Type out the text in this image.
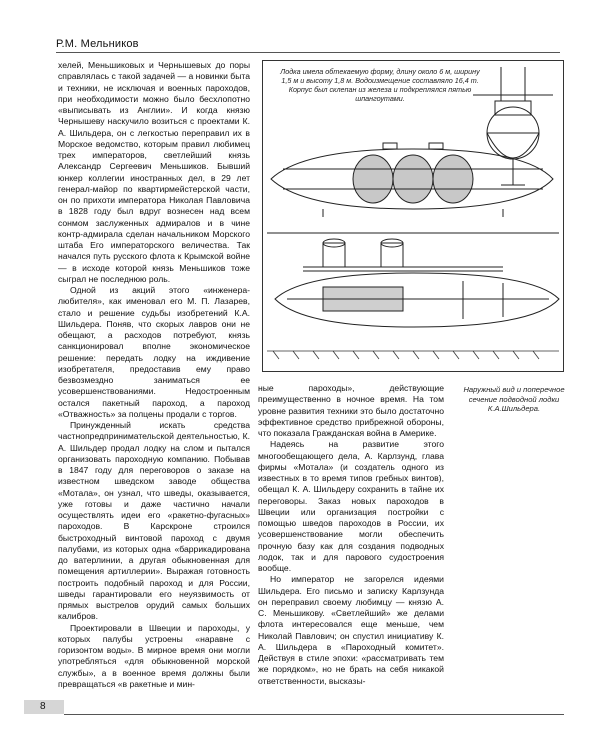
Р.М. Мельников

хелей, Меньшиковых и Чернышевых до поры справлялась с такой задачей — а новинки быта и техники, не исключая и военных пароходов, при необходимости можно было бесхлопотно «выписывать из Англии». И когда князю Чернышеву наскучило возиться с проектами К. А. Шильдера, он с легкостью переправил их в Морское ведомство, которым правил любимец трех императоров, светлейший князь Александр Сергеевич Меньшиков. Бывший юнкер коллегии иностранных дел, в 29 лет генерал-майор по квартирмейстерской части, он по прихоти императора Николая Павловича в 1828 году был вдруг вознесен над всем сонмом заслуженных адмиралов и в чине контр-адмирала сделан начальником Морского штаба Его императорского величества. Так начался путь русского флота к Крымской войне — в исходе которой князь Меньшиков тоже сыграл не последнюю роль.

Одной из акций этого «инженера-любителя», как именовал его М. П. Лазарев, стало и решение судьбы изобретений К.А. Шильдера. Поняв, что скорых лавров они не обещают, а расходов потребуют, князь санкционировал вполне экономическое решение: передать лодку на иждивение изобретателя, предоставив ему право безвозмездно заниматься ее усовершенствованиями. Недостроенным остался пакетный пароход, а пароход «Отважность» за полцены продали с торгов.

Принужденный искать средства частнопредпринимательской деятельностью, К. А. Шильдер продал лодку на слом и пытался организовать пароходную компанию. Побывав в 1847 году для переговоров о заказе на известном шведском заводе общества «Мотала», он узнал, что шведы, оказывается, уже готовы и даже частично начали осуществлять идеи его «ракетно-фугасных» пароходов. В Карскроне строился быстроходный винтовой пароход с двумя палубами, из которых одна «баррикадирована до ватерлинии, а другая обыкновенная для помещения артиллерии». Выражая готовность построить подобный пароход и для России, шведы гарантировали его неуязвимость от прямых выстрелов орудий самых больших калибров.

Проектировали в Швеции и пароходы, у которых палубы устроены «наравне с горизонтом воды». В мирное время они могли употребляться «для обыкновенной морской службы», а в военное время должны были превращаться «в ракетные и мин-

ные пароходы», действующие преимущественно в ночное время. На том уровне развития техники это было достаточно эффективное средство прибрежной обороны, что показала Гражданская война в Америке.

Надеясь на развитие этого многообещающего дела, А. Карлзунд, глава фирмы «Мотала» (и создатель одного из известных в то время типов гребных винтов), обещал К. А. Шильдеру сохранить в тайне их переговоры. Заказ новых пароходов в Швеции или организация постройки с помощью шведов пароходов в России, их усовершенствование могли обеспечить прочную базу как для создания подводных лодок, так и для парового судостроения вообще.

Но император не загорелся идеями Шильдера. Его письмо и записку Карлзунда он переправил своему любимцу — князю А. С. Меньшикову. «Светлейший» же делами флота интересовался еще меньше, чем Николай Павлович; он спустил инициативу К. А. Шильдера в «Пароходный комитет». Действуя в стиле эпохи: «рассматривать тем же порядком», но не брать на себя никакой ответственности, высказы-

Лодка имела обтекаемую форму, длину около 6 м, ширину 1,5 м и высоту 1,8 м. Водоизмещение составляло 16,4 т. Корпус был склепан из железа и подкреплялся пятью шпангоутами.
Наружный вид и поперечное сечение подводной лодки К.А.Шильдера.
8
